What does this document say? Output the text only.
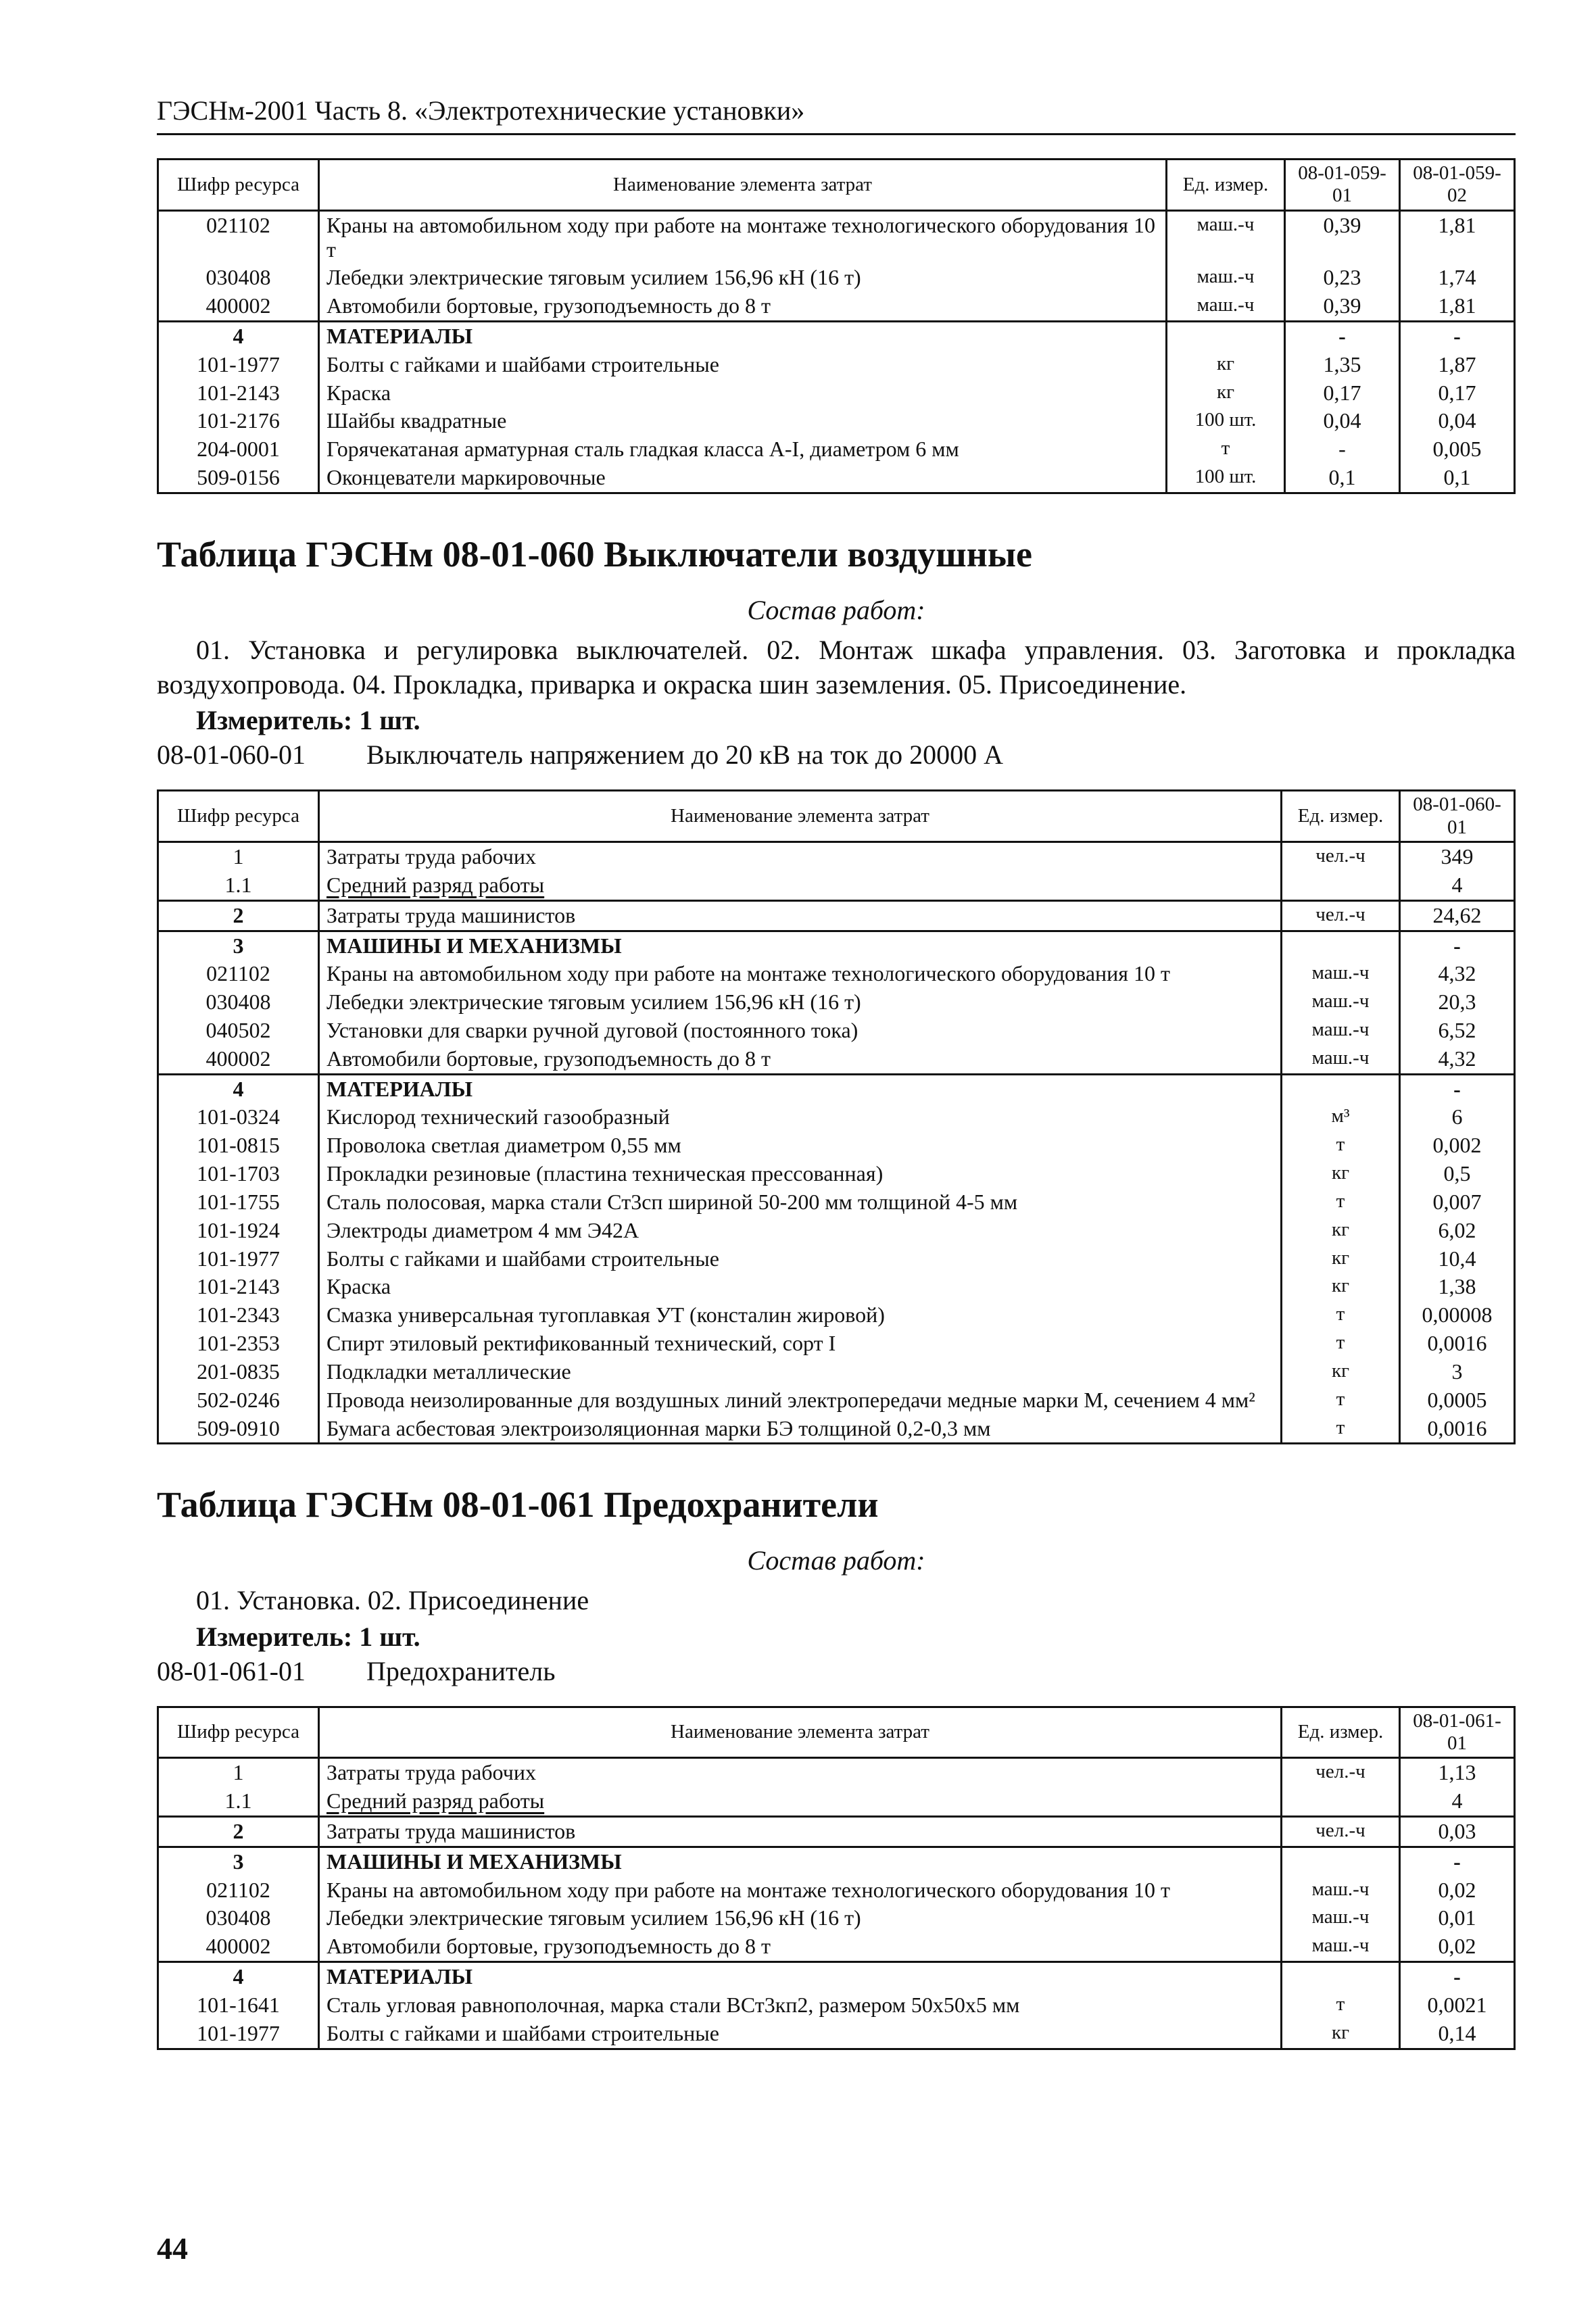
ГЭСНм-2001 Часть 8. «Электротехнические установки»
Шифр ресурса	Наименование элемента затрат	Ед. измер.	08-01-059-01	08-01-059-02
021102	Краны на автомобильном ходу при работе на монтаже технологического оборудования 10 т	маш.-ч	0,39	1,81
030408	Лебедки электрические тяговым усилием 156,96 кН (16 т)	маш.-ч	0,23	1,74
400002	Автомобили бортовые, грузоподъемность до 8 т	маш.-ч	0,39	1,81
4	МАТЕРИАЛЫ		-	-
101-1977	Болты с гайками и шайбами строительные	кг	1,35	1,87
101-2143	Краска	кг	0,17	0,17
101-2176	Шайбы квадратные	100 шт.	0,04	0,04
204-0001	Горячекатаная арматурная сталь гладкая класса А-I, диаметром 6 мм	т	-	0,005
509-0156	Оконцеватели маркировочные	100 шт.	0,1	0,1
Таблица ГЭСНм 08-01-060 Выключатели воздушные
Состав работ:

01. Установка и регулировка выключателей. 02. Монтаж шкафа управления. 03. Заготовка и прокладка воздухопровода. 04. Прокладка, приварка и окраска шин заземления. 05. Присоединение.

Измеритель: 1 шт.
08-01-060-01 Выключатель напряжением до 20 кВ на ток до 20000 А
Шифр ресурса	Наименование элемента затрат	Ед. измер.	08-01-060-01
1	Затраты труда рабочих	чел.-ч	349
1.1	Средний разряд работы		4
2	Затраты труда машинистов	чел.-ч	24,62
3	МАШИНЫ И МЕХАНИЗМЫ		-
021102	Краны на автомобильном ходу при работе на монтаже технологического оборудования 10 т	маш.-ч	4,32
030408	Лебедки электрические тяговым усилием 156,96 кН (16 т)	маш.-ч	20,3
040502	Установки для сварки ручной дуговой (постоянного тока)	маш.-ч	6,52
400002	Автомобили бортовые, грузоподъемность до 8 т	маш.-ч	4,32
4	МАТЕРИАЛЫ		-
101-0324	Кислород технический газообразный	м³	6
101-0815	Проволока светлая диаметром 0,55 мм	т	0,002
101-1703	Прокладки резиновые (пластина техническая прессованная)	кг	0,5
101-1755	Сталь полосовая, марка стали Ст3сп шириной 50-200 мм толщиной 4-5 мм	т	0,007
101-1924	Электроды диаметром 4 мм Э42А	кг	6,02
101-1977	Болты с гайками и шайбами строительные	кг	10,4
101-2143	Краска	кг	1,38
101-2343	Смазка универсальная тугоплавкая УТ (консталин жировой)	т	0,00008
101-2353	Спирт этиловый ректификованный технический, сорт I	т	0,0016
201-0835	Подкладки металлические	кг	3
502-0246	Провода неизолированные для воздушных линий электропередачи медные марки М, сечением 4 мм²	т	0,0005
509-0910	Бумага асбестовая электроизоляционная марки БЭ толщиной 0,2-0,3 мм	т	0,0016
Таблица ГЭСНм 08-01-061 Предохранители
Состав работ:

01. Установка. 02. Присоединение

Измеритель: 1 шт.
08-01-061-01 Предохранитель
Шифр ресурса	Наименование элемента затрат	Ед. измер.	08-01-061-01
1	Затраты труда рабочих	чел.-ч	1,13
1.1	Средний разряд работы		4
2	Затраты труда машинистов	чел.-ч	0,03
3	МАШИНЫ И МЕХАНИЗМЫ		-
021102	Краны на автомобильном ходу при работе на монтаже технологического оборудования 10 т	маш.-ч	0,02
030408	Лебедки электрические тяговым усилием 156,96 кН (16 т)	маш.-ч	0,01
400002	Автомобили бортовые, грузоподъемность до 8 т	маш.-ч	0,02
4	МАТЕРИАЛЫ		-
101-1641	Сталь угловая равнополочная, марка стали ВСт3кп2, размером 50х50х5 мм	т	0,0021
101-1977	Болты с гайками и шайбами строительные	кг	0,14
44
